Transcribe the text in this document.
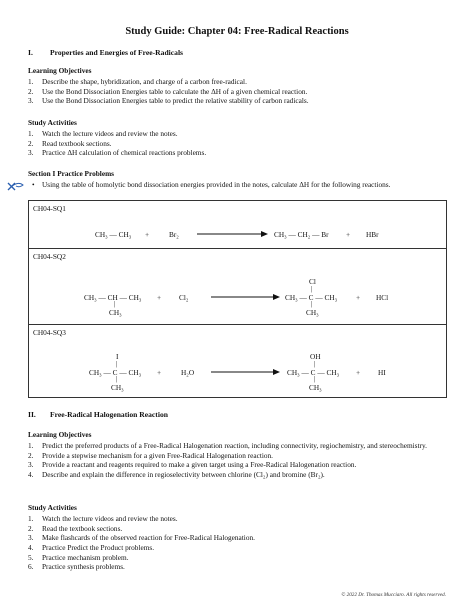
Study Guide: Chapter 04: Free-Radical Reactions
I. Properties and Energies of Free-Radicals
Learning Objectives
1. Describe the shape, hybridization, and charge of a carbon free-radical.
2. Use the Bond Dissociation Energies table to calculate the ΔH of a given chemical reaction.
3. Use the Bond Dissociation Energies table to predict the relative stability of carbon radicals.
Study Activities
1. Watch the lecture videos and review the notes.
2. Read textbook sections.
3. Practice ΔH calculation of chemical reactions problems.
Section I Practice Problems
• Using the table of homolytic bond dissociation energies provided in the notes, calculate ΔH for the following reactions.
CH04-SQ1
CH₃ — CH₃ +	Br₂	CH₃ — CH₂ — Br + HBr
CH04-SQ2
CH₃ — CH — CH₃
|
CH₃
+ Cl₂
Cl
|
CH₃ — C — CH₃
|
CH₃
+ HCl
CH04-SQ3
I
|
CH₃ — C — CH₃
|
CH₃
+	H₂O
OH
|
CH₃ — C — CH₃
|
CH₃
+ HI
II. Free-Radical Halogenation Reaction
Learning Objectives
1. Predict the preferred products of a Free-Radical Halogenation reaction, including connectivity, regiochemistry, and stereochemistry.
2. Provide a stepwise mechanism for a given Free-Radical Halogenation reaction.
3. Provide a reactant and reagents required to make a given target using a Free-Radical Halogenation reaction.
4. Describe and explain the difference in regioselectivity between chlorine (Cl₂) and bromine (Br₂).
Study Activities
1. Watch the lecture videos and review the notes.
2. Read the textbook sections.
3. Make flashcards of the observed reaction for Free-Radical Halogenation.
4. Practice Predict the Product problems.
5. Practice mechanism problem.
6. Practice synthesis problems.
© 2022 Dr. Thomas Mucciaro. All rights reserved.
